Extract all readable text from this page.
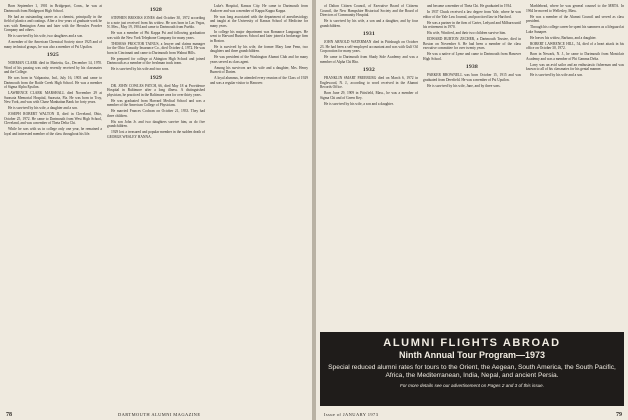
Born September 1, 1901 in Bridgeport, Conn., he was at Dartmouth from Bridgeport High School.

He had an outstanding career as a chemist, principally in the field of plastics and coatings. After a few years of graduate work he was with Remington Arms and later with the Hercules Powder Company and others.

He is survived by his wife, two daughters and a son.

A member of the American Chemical Society since 1925 and of many technical groups, he was also a member of Psi Upsilon.

1925

NORMAN CLARK died in Marietta, Ga., December 14, 1970. Word of his passing was only recently received by his classmates and the College.

He was born in Valparaiso, Ind., July 16, 1903 and came to Dartmouth from the Battle Creek High School. He was a member of Sigma Alpha Epsilon.

LAWRENCE CLARK MARSHALL died November 29 at Sarasota Memorial Hospital, Sarasota, Fla. He was born in Troy, New York, and was with Chase Manhattan Bank for forty years.

He is survived by his wife, a daughter and a son.

JOSEPH ROBERT WALTON II, died in Cleveland, Ohio, October 25, 1972. He came to Dartmouth from West High School, Cleveland, and was a member of Theta Delta Chi.

While he was with us in college only one year, he remained a loyal and interested member of the class throughout his life.

1928

STEPHEN BROOKS JONES died October 30, 1972 according to a note just received from his widow. He was born in Las Vegas, N. Mex., May 19, 1904 and came to Dartmouth from Pueblo.

He was a member of Phi Kappa Psi and following graduation was with the New York Telephone Company for many years.

THOMAS PROCTOR TAINUS, a lawyer and claims manager for the Ohio Casualty Insurance Co., died October 4, 1972. He was born in Cincinnati and came to Dartmouth from Walnut Hills.

He prepared for college at Abington High School and joined Dartmouth as a member of the freshman track team.

He is survived by his wife and two sons.

1929

DR. JOHN COWLES PATCH, 66, died May 18 at Providence Hospital in Baltimore after a long illness. A distinguished physician, he practiced in the Baltimore area for over thirty years.

He was graduated from Harvard Medical School and was a member of the American College of Physicians.

He married Frances Cochran on October 21, 1933. They had three children.

His son John Jr. and two daughters survive him, as do five grandchildren.

1929 lost a treasured and popular member in the sudden death of GEORGE WESLEY HANNA.

Luke's Hospital, Kansas City. He came to Dartmouth from Andover and was a member of Kappa Kappa Kappa.

He was long associated with the department of anesthesiology and taught at the University of Kansas School of Medicine for many years.

In college his major department was Romance Languages. He went to Harvard Business School and later joined a brokerage firm in Boston.

He is survived by his wife, the former Mary Jane Fenn, two daughters and three grandchildren.

He was president of the Washington Alumni Club and for many years served as class agent.

Among his survivors are his wife and a daughter, Mrs. Henry Burnett of Darien.

A loyal alumnus, he attended every reunion of the Class of 1929 and was a regular visitor to Hanover.

78	DARTMOUTH ALUMNI MAGAZINE

of Dalton Citizen Council, of Executive Board of Citizens Council, the New Hampshire Historical Society and the Board of Directors of Community Hospital.

He is survived by his wife, a son and a daughter, and by four grandchildren.

1931

JOHN ARNOLD WATERMAN died in Pittsburgh on October 23. He had been a self-employed accountant and was with Gulf Oil Corporation for many years.

He came to Dartmouth from Shady Side Academy and was a member of Alpha Chi Rho.

1932

FRANKLIN SMART FREEBURG died on March 6, 1972 in Englewood, N. J., according to word received in the Alumni Records Office.

Born June 29, 1909 in Pittsfield, Mass., he was a member of Sigma Chi and of Green Key.

He is survived by his wife, a son and a daughter.

and became a member of Theta Chi. He graduated in 1934.

In 1937 Chuck received a law degree from Yale, where he was editor of the Yale Law Journal, and practiced law in Hartford.

He was a partner in the firm of Carter, Ledyard and Milburn until his retirement in 1970.

His wife, Winifred, and their two children survive him.

EDWARD BURTON ZECHER, a Dartmouth Trustee, died in Boston on November 6. He had been a member of the class executive committee for over twenty years.

He was a native of Lyme and came to Dartmouth from Hanover High School.

1938

PARKER BROWNELL was born October 15, 1915 and was graduated from Deerfield. He was a member of Psi Upsilon.

He is survived by his wife, Jane, and by three sons.

Marblehead, where he was general counsel to the MBTA. In 1964 he moved to Wellesley, Mass.

He was a member of the Alumni Council and served as class president.

Through his college career he spent his summers as a lifeguard at Lake Sunapee.

He leaves his widow, Barbara, and a daughter.

ROBERT LAWRENCE HILL, 54, died of a heart attack in his office on October 30, 1972.

Born in Newark, N. J., he came to Dartmouth from Montclair Academy and was a member of Phi Gamma Delta.

Larry was an avid sailor and an enthusiastic fisherman and was known to all of his classmates for his genial manner.

He is survived by his wife and a son.

ALUMNI FLIGHTS ABROAD
Ninth Annual Tour Program—1973
Special reduced alumni rates for tours to the Orient, the Aegean, South America, the South Pacific, Africa, the Mediterranean, India, Nepal, and ancient Persia.
For more details see our advertisement on Pages 2 and 3 of this issue.
Issue of JANUARY 1973	79
